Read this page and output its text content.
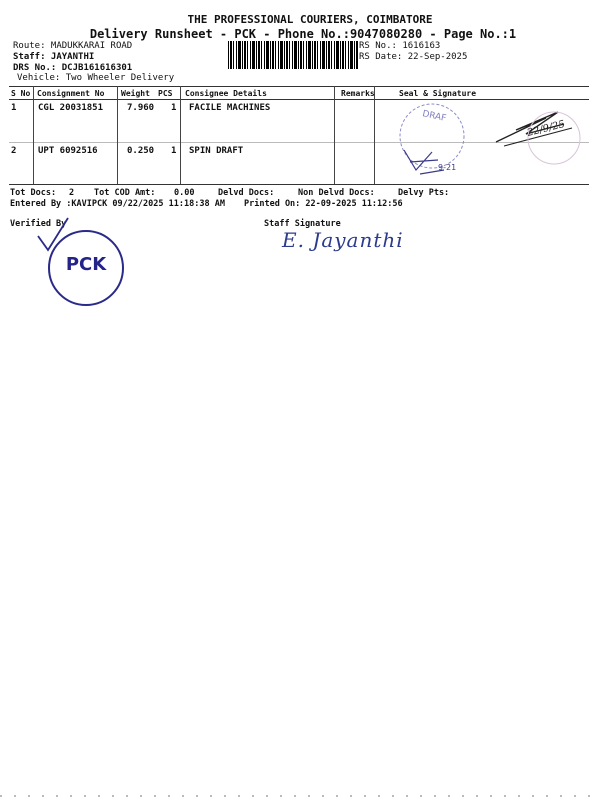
THE PROFESSIONAL COURIERS, COIMBATORE
Delivery Runsheet - PCK - Phone No.:9047080280 - Page No.:1
Route: MADUKKARAI ROAD
Staff: JAYANTHI
DRS No.: DCJB161616301
Vehicle: Two Wheeler Delivery
RS No.: 1616163
RS Date: 22-Sep-2025
S No Consignment No Weight PCS Consignee Details	Remarks	Seal & Signature
1 CGL 20031851	7.960 1 FACILE MACHINES
2 UPT 6092516	0.250 1 SPIN DRAFT
DRAF
22/9/25
9-21
Tot Docs: 2 Tot COD Amt: 0.00	Delvd Docs:	Non Delvd Docs:	Delvy Pts:
Entered By :KAVIPCK 09/22/2025 11:18:38 AM Printed On: 22-09-2025 11:12:56
Verified By	Staff Signature
PCK
E. Jayanthi
